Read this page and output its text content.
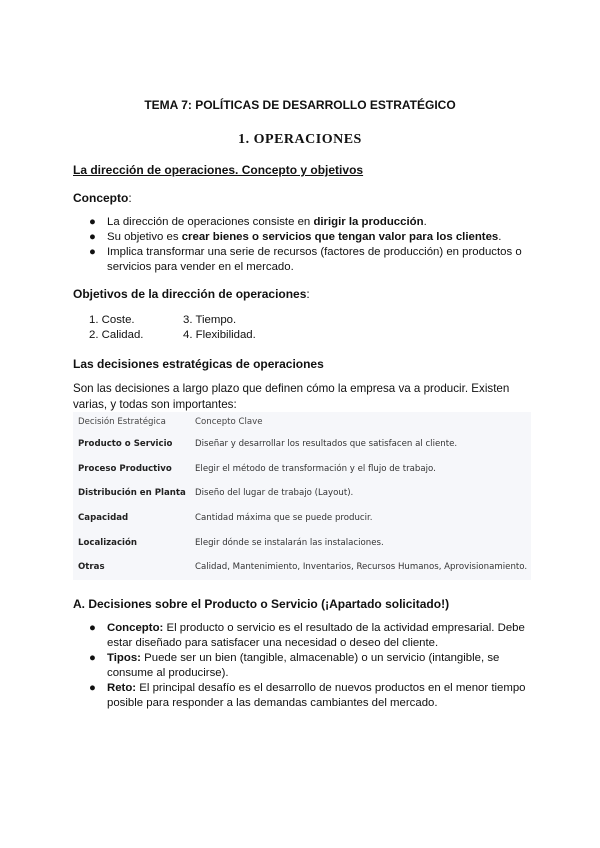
TEMA 7: POLÍTICAS DE DESARROLLO ESTRATÉGICO
1. OPERACIONES
La dirección de operaciones. Concepto y objetivos
Concepto:
● La dirección de operaciones consiste en dirigir la producción.
● Su objetivo es crear bienes o servicios que tengan valor para los clientes.
● Implica transformar una serie de recursos (factores de producción) en productos o servicios para vender en el mercado.
Objetivos de la dirección de operaciones:
1. Coste.	3. Tiempo.
2. Calidad.	4. Flexibilidad.
Las decisiones estratégicas de operaciones
Son las decisiones a largo plazo que definen cómo la empresa va a producir. Existen varias, y todas son importantes:
Decisión Estratégica	Concepto Clave
Producto o Servicio	Diseñar y desarrollar los resultados que satisfacen al cliente.
Proceso Productivo	Elegir el método de transformación y el flujo de trabajo.
Distribución en Planta	Diseño del lugar de trabajo (Layout).
Capacidad	Cantidad máxima que se puede producir.
Localización	Elegir dónde se instalarán las instalaciones.
Otras	Calidad, Mantenimiento, Inventarios, Recursos Humanos, Aprovisionamiento.
A. Decisiones sobre el Producto o Servicio (¡Apartado solicitado!)
● Concepto: El producto o servicio es el resultado de la actividad empresarial. Debe estar diseñado para satisfacer una necesidad o deseo del cliente.
● Tipos: Puede ser un bien (tangible, almacenable) o un servicio (intangible, se consume al producirse).
● Reto: El principal desafío es el desarrollo de nuevos productos en el menor tiempo posible para responder a las demandas cambiantes del mercado.
